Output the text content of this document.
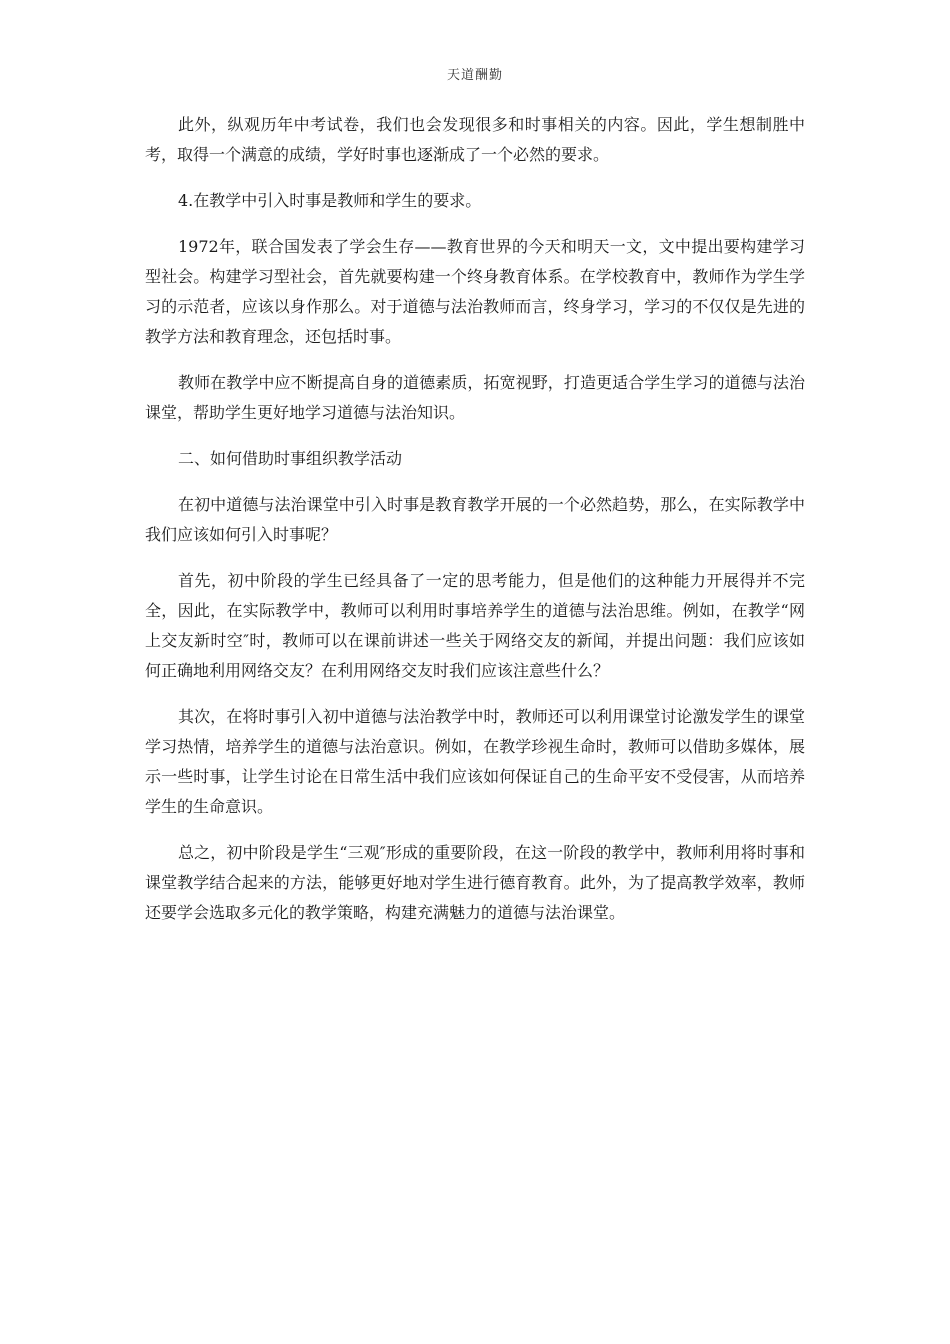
天道酬勤

此外，纵观历年中考试卷，我们也会发现很多和时事相关的内容。因此，学生想制胜中考，取得一个满意的成绩，学好时事也逐渐成了一个必然的要求。

4.在教学中引入时事是教师和学生的要求。

1972年，联合国发表了学会生存——教育世界的今天和明天一文，文中提出要构建学习型社会。构建学习型社会，首先就要构建一个终身教育体系。在学校教育中，教师作为学生学习的示范者，应该以身作那么。对于道德与法治教师而言，终身学习，学习的不仅仅是先进的教学方法和教育理念，还包括时事。

教师在教学中应不断提高自身的道德素质，拓宽视野，打造更适合学生学习的道德与法治课堂，帮助学生更好地学习道德与法治知识。

二、如何借助时事组织教学活动

在初中道德与法治课堂中引入时事是教育教学开展的一个必然趋势，那么，在实际教学中我们应该如何引入时事呢？

首先，初中阶段的学生已经具备了一定的思考能力，但是他们的这种能力开展得并不完全，因此，在实际教学中，教师可以利用时事培养学生的道德与法治思维。例如，在教学“网上交友新时空″时，教师可以在课前讲述一些关于网络交友的新闻，并提出问题：我们应该如何正确地利用网络交友？在利用网络交友时我们应该注意些什么？

其次，在将时事引入初中道德与法治教学中时，教师还可以利用课堂讨论激发学生的课堂学习热情，培养学生的道德与法治意识。例如，在教学珍视生命时，教师可以借助多媒体，展示一些时事，让学生讨论在日常生活中我们应该如何保证自己的生命平安不受侵害，从而培养学生的生命意识。

总之，初中阶段是学生“三观″形成的重要阶段，在这一阶段的教学中，教师利用将时事和课堂教学结合起来的方法，能够更好地对学生进行德育教育。此外，为了提高教学效率，教师还要学会选取多元化的教学策略，构建充满魅力的道德与法治课堂。
